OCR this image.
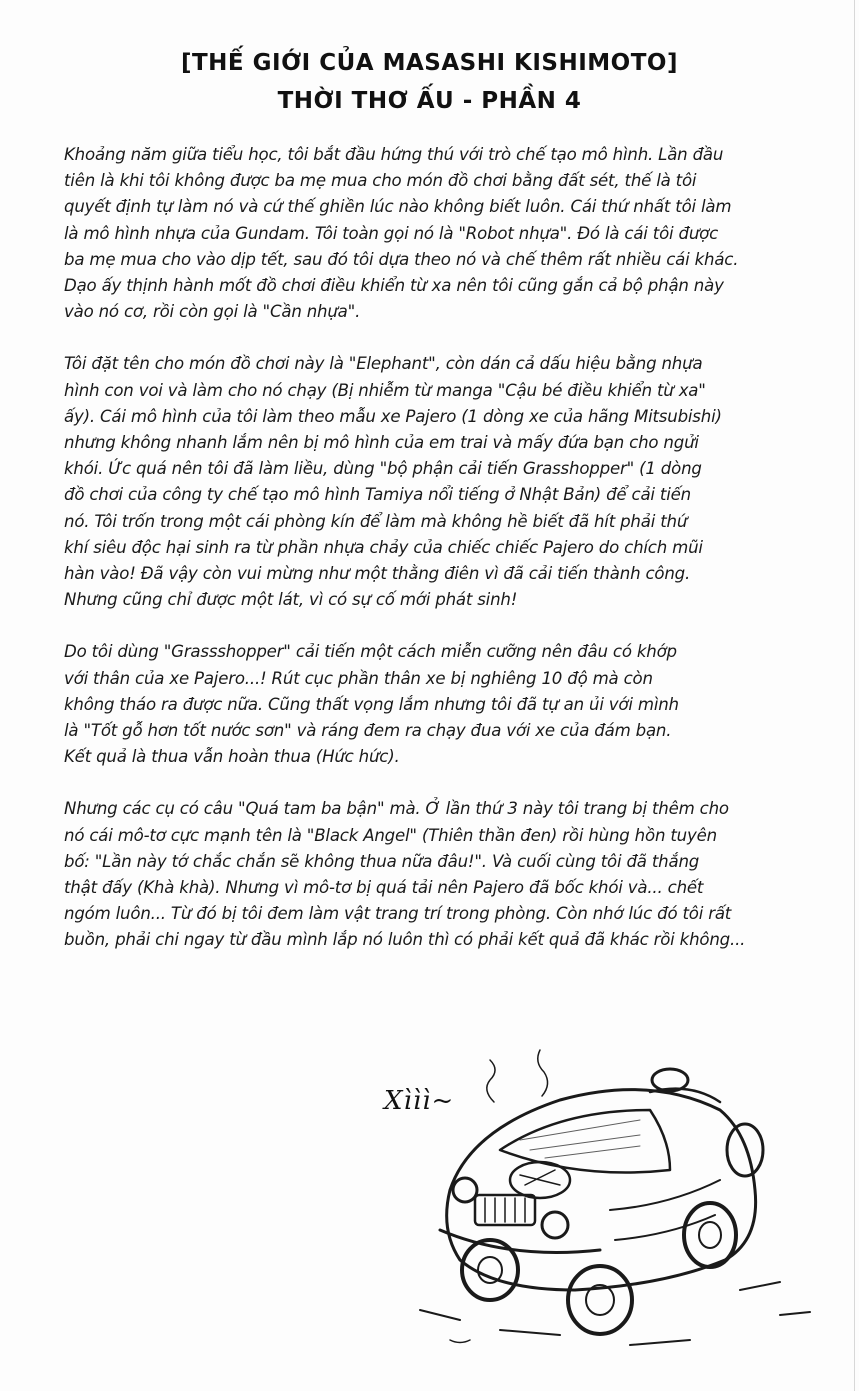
[THẾ GIỚI CỦA MASASHI KISHIMOTO]
THỜI THƠ ẤU - PHẦN 4
Khoảng năm giữa tiểu học, tôi bắt đầu hứng thú với trò chế tạo mô hình. Lần đầu
tiên là khi tôi không được ba mẹ mua cho món đồ chơi bằng đất sét, thế là tôi
quyết định tự làm nó và cứ thế ghiền lúc nào không biết luôn. Cái thứ nhất tôi làm
là mô hình nhựa của Gundam. Tôi toàn gọi nó là "Robot nhựa". Đó là cái tôi được
ba mẹ mua cho vào dịp tết, sau đó tôi dựa theo nó và chế thêm rất nhiều cái khác.
Dạo ấy thịnh hành mốt đồ chơi điều khiển từ xa nên tôi cũng gắn cả bộ phận này
vào nó cơ, rồi còn gọi là "Cần nhựa".
Tôi đặt tên cho món đồ chơi này là "Elephant", còn dán cả dấu hiệu bằng nhựa
hình con voi và làm cho nó chạy (Bị nhiễm từ manga "Cậu bé điều khiển từ xa"
ấy). Cái mô hình của tôi làm theo mẫu xe Pajero (1 dòng xe của hãng Mitsubishi)
nhưng không nhanh lắm nên bị mô hình của em trai và mấy đứa bạn cho ngửi
khói. Ức quá nên tôi đã làm liều, dùng "bộ phận cải tiến Grasshopper" (1 dòng
đồ chơi của công ty chế tạo mô hình Tamiya nổi tiếng ở Nhật Bản) để cải tiến
nó. Tôi trốn trong một cái phòng kín để làm mà không hề biết đã hít phải thứ
khí siêu độc hại sinh ra từ phần nhựa chảy của chiếc chiếc Pajero do chích mũi
hàn vào! Đã vậy còn vui mừng như một thằng điên vì đã cải tiến thành công.
Nhưng cũng chỉ được một lát, vì có sự cố mới phát sinh!
Do tôi dùng "Grassshopper" cải tiến một cách miễn cưỡng nên đâu có khớp
với thân của xe Pajero...! Rút cục phần thân xe bị nghiêng 10 độ mà còn
không tháo ra được nữa. Cũng thất vọng lắm nhưng tôi đã tự an ủi với mình
là "Tốt gỗ hơn tốt nước sơn" và ráng đem ra chạy đua với xe của đám bạn.
Kết quả là thua vẫn hoàn thua (Hức hức).
Nhưng các cụ có câu "Quá tam ba bận" mà. Ở lần thứ 3 này tôi trang bị thêm cho
nó cái mô-tơ cực mạnh tên là "Black Angel" (Thiên thần đen) rồi hùng hồn tuyên
bố: "Lần này tớ chắc chắn sẽ không thua nữa đâu!". Và cuối cùng tôi đã thắng
thật đấy (Khà khà). Nhưng vì mô-tơ bị quá tải nên Pajero đã bốc khói và... chết
ngóm luôn... Từ đó bị tôi đem làm vật trang trí trong phòng. Còn nhớ lúc đó tôi rất
buồn, phải chi ngay từ đầu mình lắp nó luôn thì có phải kết quả đã khác rồi không...
Xììì~
